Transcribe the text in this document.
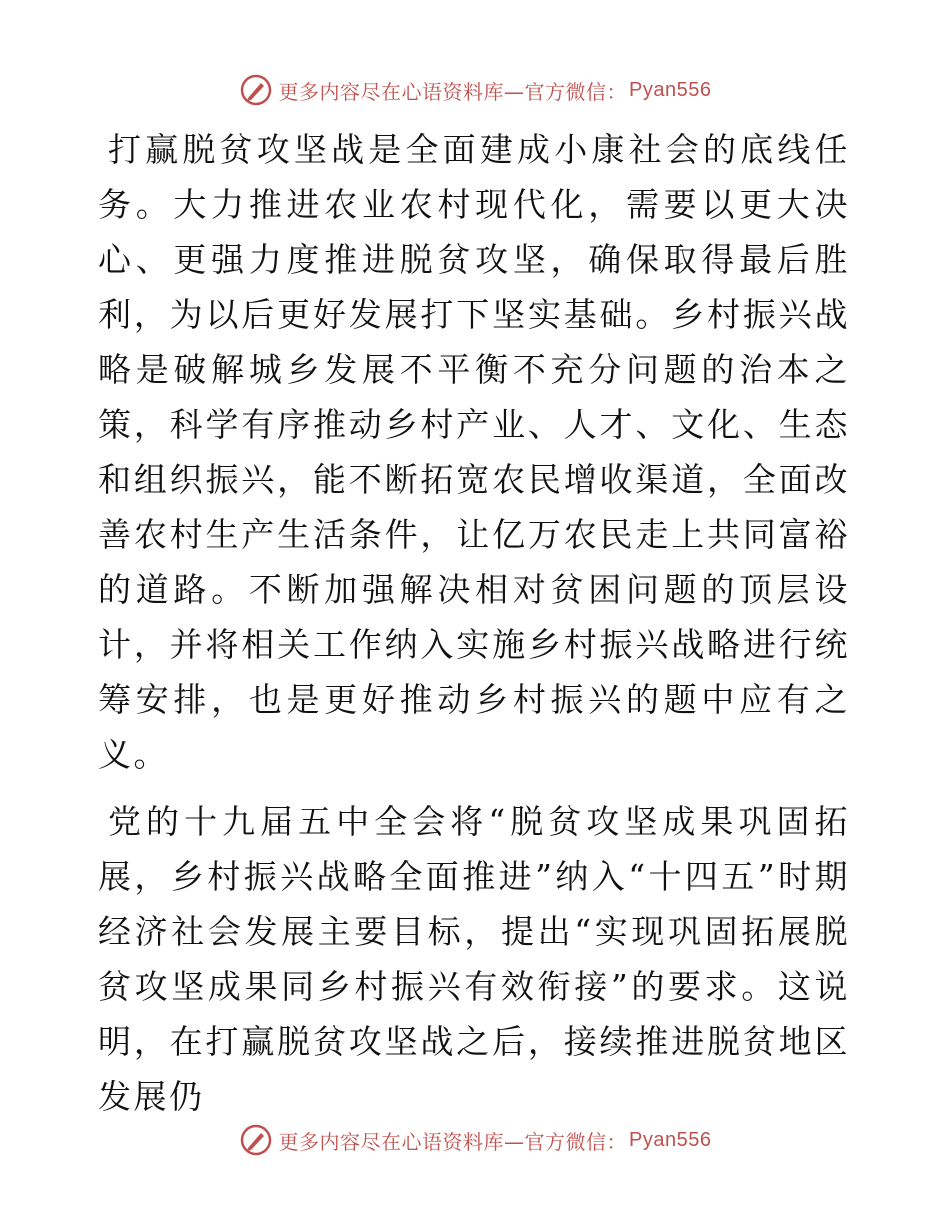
更多内容尽在心语资料库—官方微信： Pyan556

打赢脱贫攻坚战是全面建成小康社会的底线任务。大力推进农业农村现代化，需要以更大决心、更强力度推进脱贫攻坚，确保取得最后胜利，为以后更好发展打下坚实基础。乡村振兴战略是破解城乡发展不平衡不充分问题的治本之策，科学有序推动乡村产业、人才、文化、生态和组织振兴，能不断拓宽农民增收渠道，全面改善农村生产生活条件，让亿万农民走上共同富裕的道路。不断加强解决相对贫困问题的顶层设计，并将相关工作纳入实施乡村振兴战略进行统筹安排，也是更好推动乡村振兴的题中应有之义。

党的十九届五中全会将“脱贫攻坚成果巩固拓展，乡村振兴战略全面推进”纳入“十四五”时期经济社会发展主要目标，提出“实现巩固拓展脱贫攻坚成果同乡村振兴有效衔接”的要求。这说明，在打赢脱贫攻坚战之后，接续推进脱贫地区发展仍

更多内容尽在心语资料库—官方微信： Pyan556
